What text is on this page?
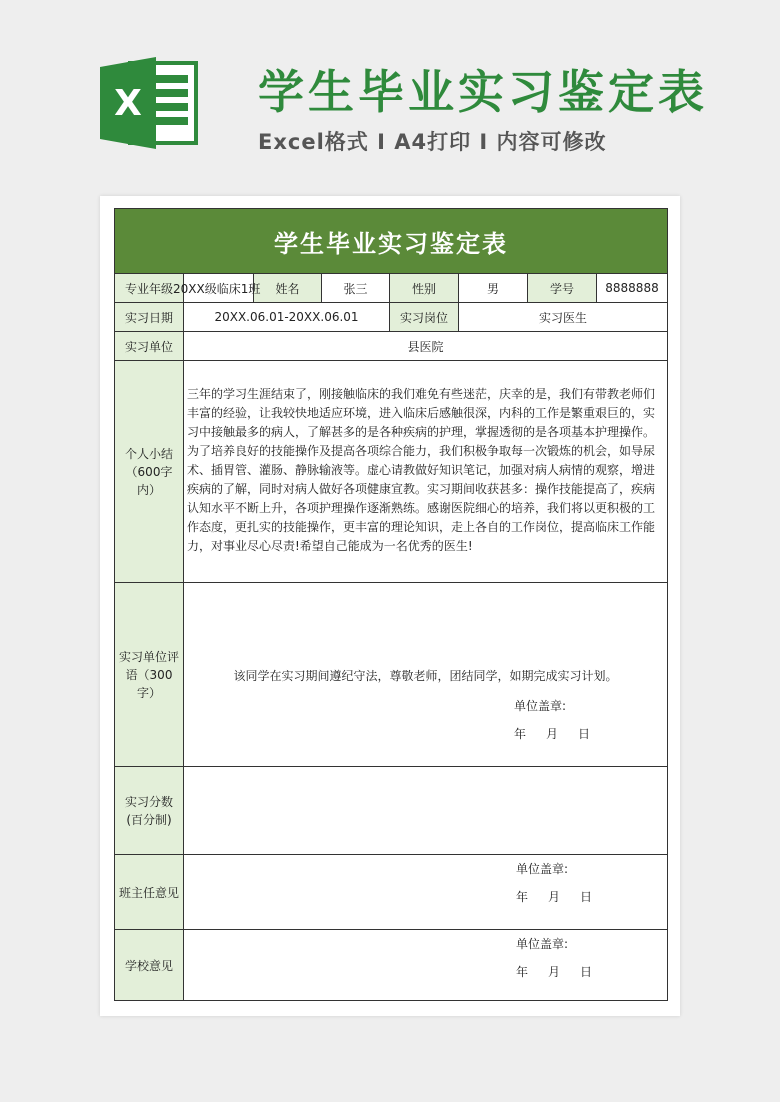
X	学生毕业实习鉴定表
Excel格式 I A4打印 I 内容可修改
学生毕业实习鉴定表							
专业年级	20XX级临床1班	姓名	张三	性别	男	学号	8888888
实习日期	20XX.06.01-20XX.06.01			实习岗位	实习医生		
实习单位	县医院						
个人小结（600字内）	三年的学习生涯结束了，刚接触临床的我们难免有些迷茫，庆幸的是，我们有带教老师们丰富的经验，让我较快地适应环境，进入临床后感触很深，内科的工作是繁重艰巨的，实习中接触最多的病人，了解甚多的是各种疾病的护理，掌握透彻的是各项基本护理操作。为了培养良好的技能操作及提高各项综合能力，我们积极争取每一次锻炼的机会，如导尿术、插胃管、灌肠、静脉输液等。虚心请教做好知识笔记，加强对病人病情的观察，增进疾病的了解，同时对病人做好各项健康宣教。实习期间收获甚多：操作技能提高了，疾病认知水平不断上升，各项护理操作逐渐熟练。感谢医院细心的培养，我们将以更积极的工作态度，更扎实的技能操作，更丰富的理论知识，走上各自的工作岗位，提高临床工作能力，对事业尽心尽责!希望自己能成为一名优秀的医生!						
实习单位评语（300字）	该同学在实习期间遵纪守法，尊敬老师，团结同学，如期完成实习计划。
单位盖章:
年 月 日						

实习分数(百分制)							
班主任意见	单位盖章:
年 月 日						

学校意见	单位盖章:
年 月 日						
